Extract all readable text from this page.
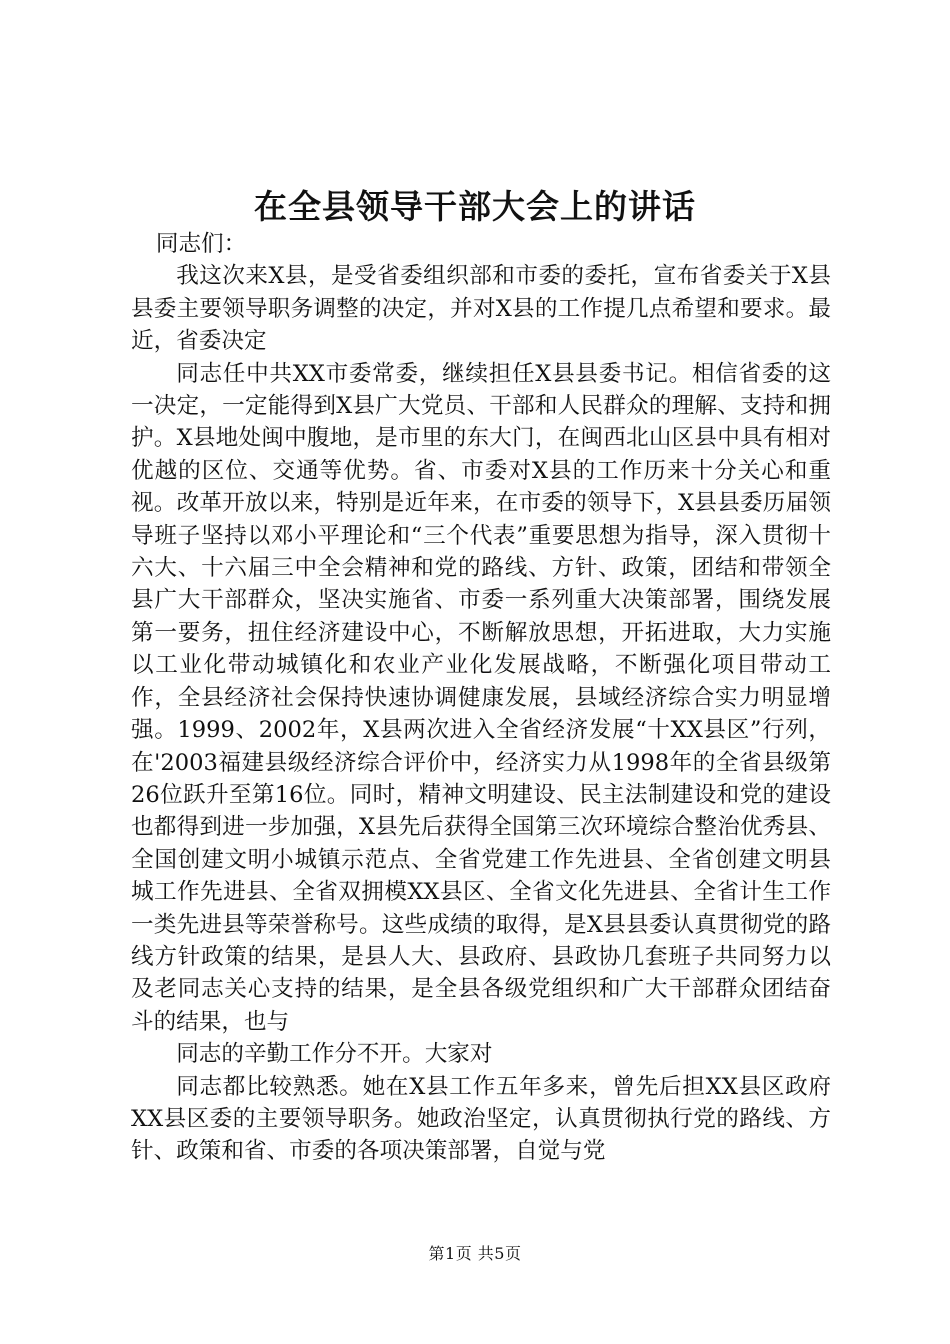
在全县领导干部大会上的讲话

同志们：

我这次来X县，是受省委组织部和市委的委托，宣布省委关于X县县委主要领导职务调整的决定，并对X县的工作提几点希望和要求。最近，省委决定

同志任中共XX市委常委，继续担任X县县委书记。相信省委的这一决定，一定能得到X县广大党员、干部和人民群众的理解、支持和拥护。X县地处闽中腹地，是市里的东大门，在闽西北山区县中具有相对优越的区位、交通等优势。省、市委对X县的工作历来十分关心和重视。改革开放以来，特别是近年来，在市委的领导下，X县县委历届领导班子坚持以邓小平理论和“三个代表”重要思想为指导，深入贯彻十六大、十六届三中全会精神和党的路线、方针、政策，团结和带领全县广大干部群众，坚决实施省、市委一系列重大决策部署，围绕发展第一要务，扭住经济建设中心，不断解放思想，开拓进取，大力实施以工业化带动城镇化和农业产业化发展战略，不断强化项目带动工作，全县经济社会保持快速协调健康发展，县域经济综合实力明显增强。1999、2002年，X县两次进入全省经济发展“十XX县区”行列，在'2003福建县级经济综合评价中，经济实力从1998年的全省县级第26位跃升至第16位。同时，精神文明建设、民主法制建设和党的建设也都得到进一步加强，X县先后获得全国第三次环境综合整治优秀县、全国创建文明小城镇示范点、全省党建工作先进县、全省创建文明县城工作先进县、全省双拥模XX县区、全省文化先进县、全省计生工作一类先进县等荣誉称号。这些成绩的取得，是X县县委认真贯彻党的路线方针政策的结果，是县人大、县政府、县政协几套班子共同努力以及老同志关心支持的结果，是全县各级党组织和广大干部群众团结奋斗的结果，也与

同志的辛勤工作分不开。大家对

同志都比较熟悉。她在X县工作五年多来，曾先后担XX县区政府XX县区委的主要领导职务。她政治坚定，认真贯彻执行党的路线、方针、政策和省、市委的各项决策部署，自觉与党

第1页 共5页
